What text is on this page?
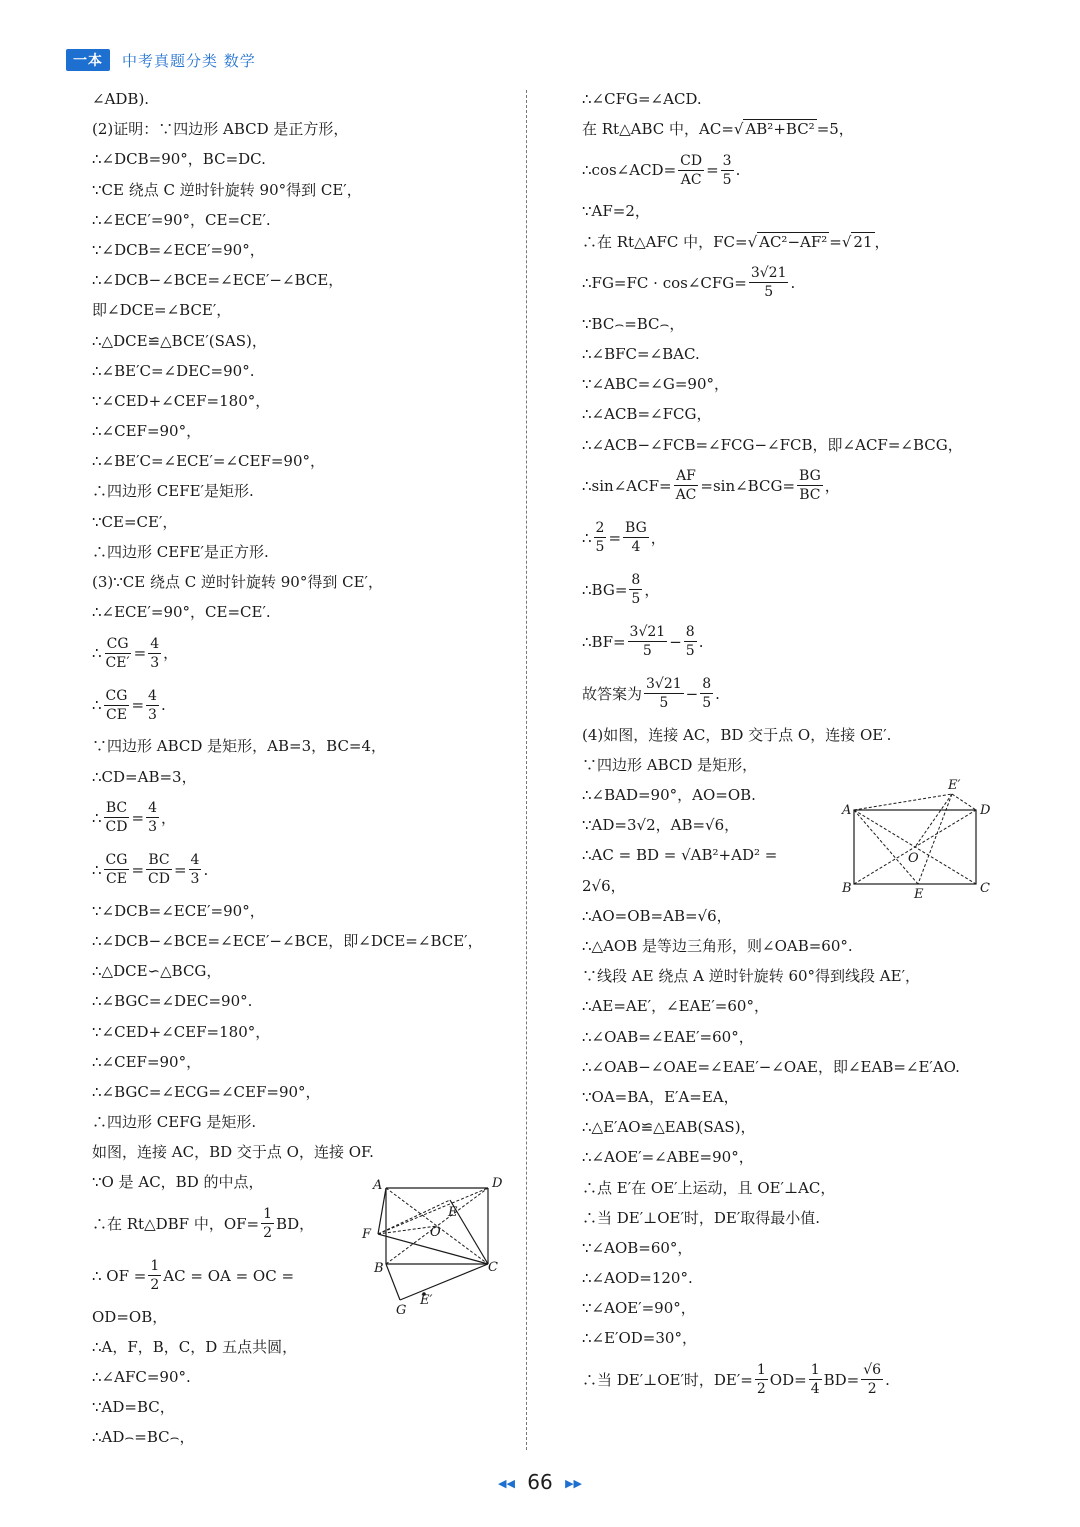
一本	中考真题分类 数学
∠ADB).
(2)证明：∵四边形 ABCD 是正方形，
∴∠DCB=90°，BC=DC.
∵CE 绕点 C 逆时针旋转 90°得到 CE′，
∴∠ECE′=90°，CE=CE′.
∵∠DCB=∠ECE′=90°，
∴∠DCB−∠BCE=∠ECE′−∠BCE，
即∠DCE=∠BCE′，
∴△DCE≌△BCE′(SAS)，
∴∠BE′C=∠DEC=90°.
∵∠CED+∠CEF=180°，
∴∠CEF=90°，
∴∠BE′C=∠ECE′=∠CEF=90°，
∴四边形 CEFE′是矩形.
∵CE=CE′，
∴四边形 CEFE′是正方形.
(3)∵CE 绕点 C 逆时针旋转 90°得到 CE′，
∴∠ECE′=90°，CE=CE′.
∴
CG
CE′
=
4
3
，
∴
CG
CE
=
4
3
.
∵四边形 ABCD 是矩形，AB=3，BC=4，
∴CD=AB=3，
∴
BC
CD
=
4
3
，
∴
CG
CE
=
BC
CD
=
4
3
.
∵∠DCB=∠ECE′=90°，
∴∠DCB−∠BCE=∠ECE′−∠BCE，即∠DCE=∠BCE′，
∴△DCE∽△BCG，
∴∠BGC=∠DEC=90°.
∵∠CED+∠CEF=180°，
∴∠CEF=90°，
∴∠BGC=∠ECG=∠CEF=90°，
∴四边形 CEFG 是矩形.
如图，连接 AC，BD 交于点 O，连接 OF.
∵O 是 AC，BD 的中点，
∴在 Rt△DBF 中，$OF= \frac{1}{2}$ BD，
∴ OF = $\frac{1}{2}$ AC = OA = OC =
OD=OB，
∴A，F，B，C，D 五点共圆，
∴∠AFC=90°.
∵AD=BC，
∴AD⌢=BC⌢，
A	D
F
E
O
B	C
G
E′
∴∠CFG=∠ACD.
在 Rt△ABC 中，AC=√ AB²+BC² =5，
∴cos∠ACD= $\frac{CD}{AC}$ =
3
5
.
∵AF=2，
∴在 Rt△AFC 中，FC=√ AC²−AF² =√ 21 ，
∴FG=FC · cos∠CFG= $\frac{3√21}{5}$ .
∵BC⌢=BC⌢，
∴∠BFC=∠BAC.
∵∠ABC=∠G=90°，
∴∠ACB=∠FCG，
∴∠ACB−∠FCB=∠FCG−∠FCB，即∠ACF=∠BCG，
∴sin∠ACF= $\frac{AF}{AC}$ =sin∠BCG= $\frac{BG}{BC}$ ，
∴
2
5
=
BG
4
，
∴BG= $\frac{8}{5}$ ，
∴BF= $\frac{3√21}{5}$ −
8
5
.
故答案为
3√21
5
−
8
5
.
(4)如图，连接 AC，BD 交于点 O，连接 OE′.
∵四边形 ABCD 是矩形，
∴∠BAD=90°，AO=OB.
∵AD=3√2，AB=√6，
∴AC = BD = √AB²+AD² =
2√6，
∴AO=OB=AB=√6，
∴△AOB 是等边三角形，则∠OAB=60°.
∵线段 AE 绕点 A 逆时针旋转 60°得到线段 AE′，
∴AE=AE′，∠EAE′=60°，
∴∠OAB=∠EAE′=60°，
∴∠OAB−∠OAE=∠EAE′−∠OAE，即∠EAB=∠E′AO.
∵OA=BA，E′A=EA，
∴△E′AO≌△EAB(SAS)，
∴∠AOE′=∠ABE=90°，
∴点 E′在 OE′上运动，且 OE′⊥AC，
∴当 DE′⊥OE′时，DE′取得最小值.
∵∠AOB=60°，
∴∠AOD=120°.
∵∠AOE′=90°，
∴∠E′OD=30°，
∴当 DE′⊥OE′时，$DE'= \frac{1}{2} OD= \frac{1}{4} BD= \frac{√6}{2}$ .
A	D
E′
O
B	E	C
◀◀ 66 ▶▶
